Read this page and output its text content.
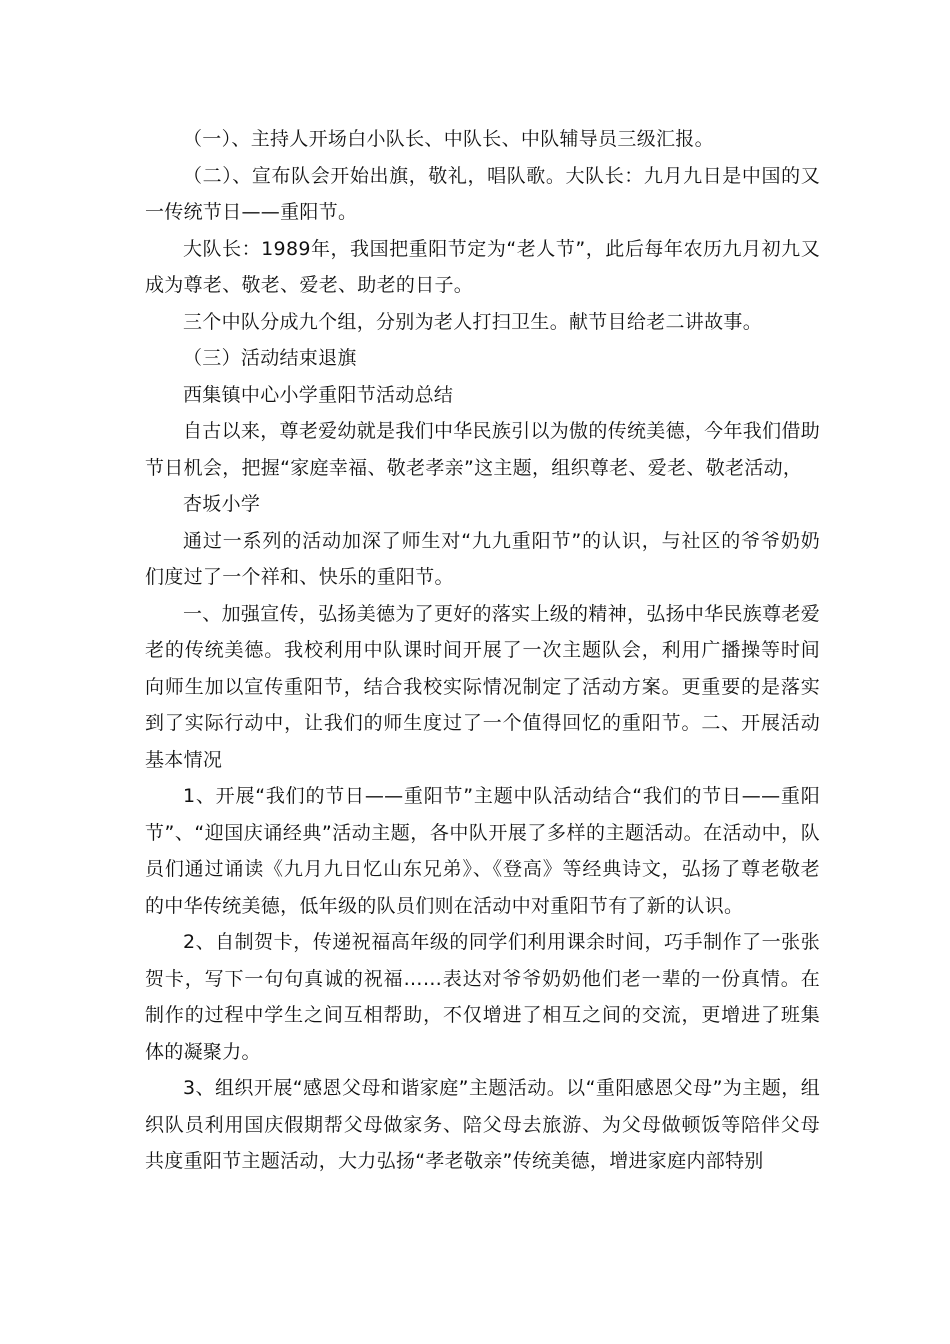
（一）、主持人开场白小队长、中队长、中队辅导员三级汇报。

（二）、宣布队会开始出旗，敬礼，唱队歌。大队长：九月九日是中国的又一传统节日——重阳节。

大队长：1989年，我国把重阳节定为“老人节”，此后每年农历九月初九又成为尊老、敬老、爱老、助老的日子。

三个中队分成九个组，分别为老人打扫卫生。献节目给老二讲故事。

（三）活动结束退旗

西集镇中心小学重阳节活动总结

自古以来，尊老爱幼就是我们中华民族引以为傲的传统美德，今年我们借助节日机会，把握“家庭幸福、敬老孝亲”这主题，组织尊老、爱老、敬老活动，

杏坂小学

通过一系列的活动加深了师生对“九九重阳节”的认识，与社区的爷爷奶奶们度过了一个祥和、快乐的重阳节。

一、加强宣传，弘扬美德为了更好的落实上级的精神，弘扬中华民族尊老爱老的传统美德。我校利用中队课时间开展了一次主题队会，利用广播操等时间向师生加以宣传重阳节，结合我校实际情况制定了活动方案。更重要的是落实到了实际行动中，让我们的师生度过了一个值得回忆的重阳节。二、开展活动基本情况

1、开展“我们的节日——重阳节”主题中队活动结合“我们的节日——重阳节”、“迎国庆诵经典”活动主题，各中队开展了多样的主题活动。在活动中，队员们通过诵读《九月九日忆山东兄弟》、《登高》等经典诗文，弘扬了尊老敬老的中华传统美德，低年级的队员们则在活动中对重阳节有了新的认识。

2、自制贺卡，传递祝福高年级的同学们利用课余时间，巧手制作了一张张贺卡，写下一句句真诚的祝福……表达对爷爷奶奶他们老一辈的一份真情。在制作的过程中学生之间互相帮助，不仅增进了相互之间的交流，更增进了班集体的凝聚力。

3、组织开展“感恩父母和谐家庭”主题活动。以“重阳感恩父母”为主题，组织队员利用国庆假期帮父母做家务、陪父母去旅游、为父母做顿饭等陪伴父母共度重阳节主题活动，大力弘扬“孝老敬亲”传统美德，增进家庭内部特别
